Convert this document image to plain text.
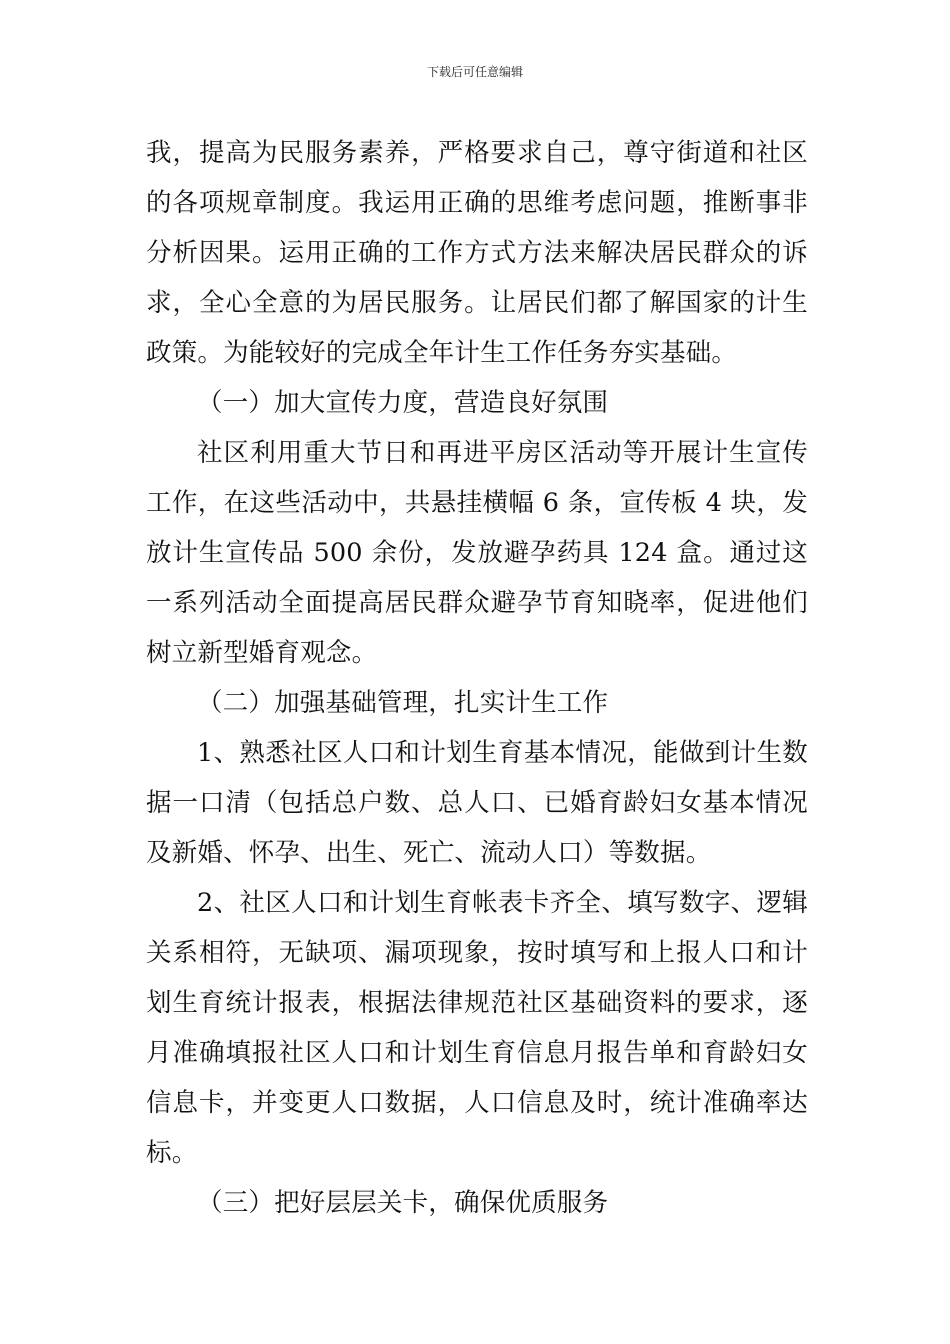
下载后可任意编辑

我，提高为民服务素养，严格要求自己，尊守街道和社区的各项规章制度。我运用正确的思维考虑问题，推断事非分析因果。运用正确的工作方式方法来解决居民群众的诉求，全心全意的为居民服务。让居民们都了解国家的计生政策。为能较好的完成全年计生工作任务夯实基础。

（一）加大宣传力度，营造良好氛围

社区利用重大节日和再进平房区活动等开展计生宣传工作，在这些活动中，共悬挂横幅 6 条，宣传板 4 块，发放计生宣传品 500 余份，发放避孕药具 124 盒。通过这一系列活动全面提高居民群众避孕节育知晓率，促进他们树立新型婚育观念。

（二）加强基础管理，扎实计生工作

1、熟悉社区人口和计划生育基本情况，能做到计生数据一口清（包括总户数、总人口、已婚育龄妇女基本情况及新婚、怀孕、出生、死亡、流动人口）等数据。

2、社区人口和计划生育帐表卡齐全、填写数字、逻辑关系相符，无缺项、漏项现象，按时填写和上报人口和计划生育统计报表，根据法律规范社区基础资料的要求，逐月准确填报社区人口和计划生育信息月报告单和育龄妇女信息卡，并变更人口数据，人口信息及时，统计准确率达标。

（三）把好层层关卡，确保优质服务
